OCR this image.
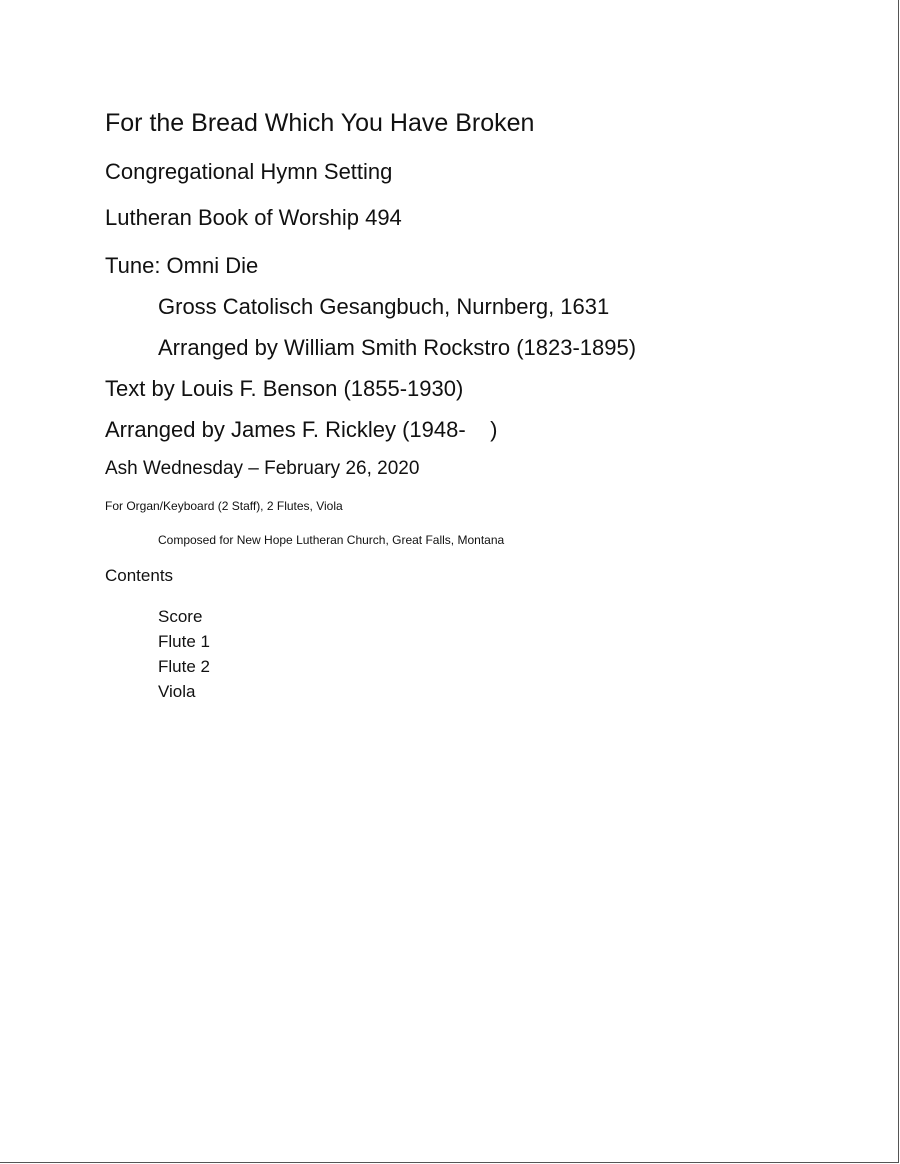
For the Bread Which You Have Broken

Congregational Hymn Setting

Lutheran Book of Worship 494

Tune: Omni Die

Gross Catolisch Gesangbuch, Nurnberg, 1631

Arranged by William Smith Rockstro (1823-1895)

Text by Louis F. Benson (1855-1930)

Arranged by James F. Rickley (1948-    )

Ash Wednesday – February 26, 2020

For Organ/Keyboard (2 Staff), 2 Flutes, Viola

Composed for New Hope Lutheran Church, Great Falls, Montana

Contents

Score
Flute 1
Flute 2
Viola
